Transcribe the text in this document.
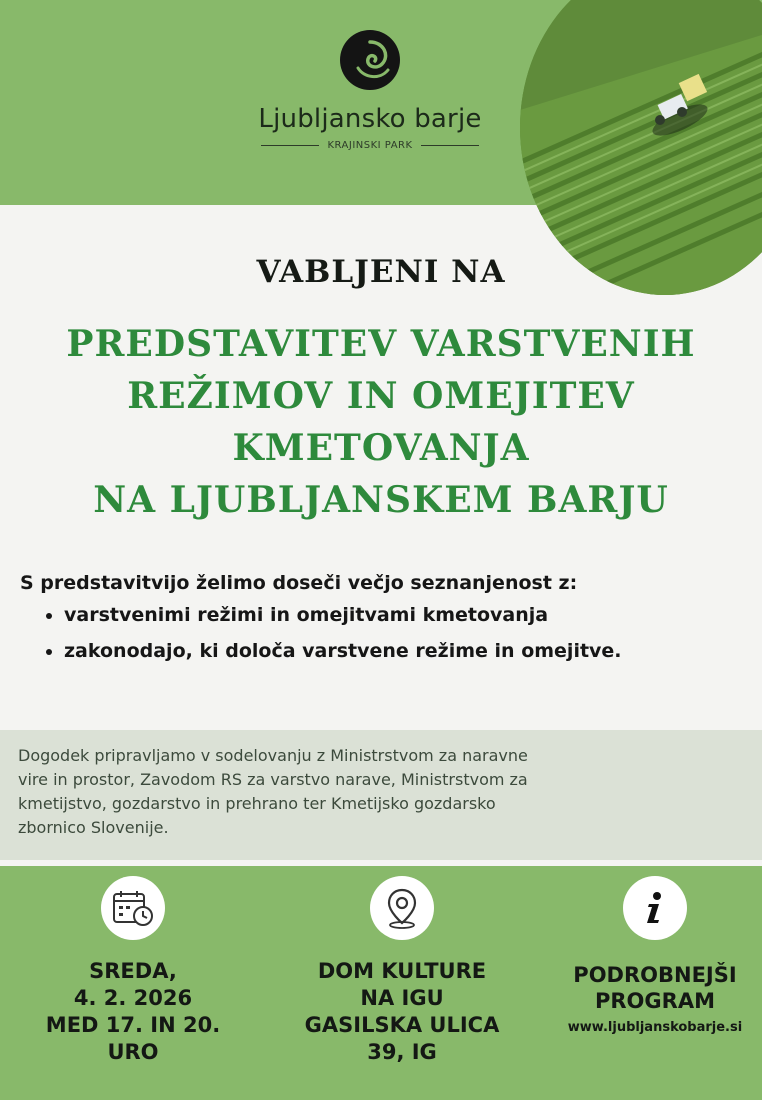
Ljubljansko barje
KRAJINSKI PARK
VABLJENI NA
PREDSTAVITEV VARSTVENIH
REŽIMOV IN OMEJITEV
KMETOVANJA
NA LJUBLJANSKEM BARJU
S predstavitvijo želimo doseči večjo seznanjenost z:
• varstvenimi režimi in omejitvami kmetovanja
• zakonodajo, ki določa varstvene režime in omejitve.
Dogodek pripravljamo v sodelovanju z Ministrstvom za naravne
vire in prostor, Zavodom RS za varstvo narave, Ministrstvom za
kmetijstvo, gozdarstvo in prehrano ter Kmetijsko gozdarsko
zbornico Slovenije.
SREDA,
4. 2. 2026
MED 17. IN 20.
URO
DOM KULTURE
NA IGU
GASILSKA ULICA
39, IG
PODROBNEJŠI
PROGRAM
www.ljubljanskobarje.si
